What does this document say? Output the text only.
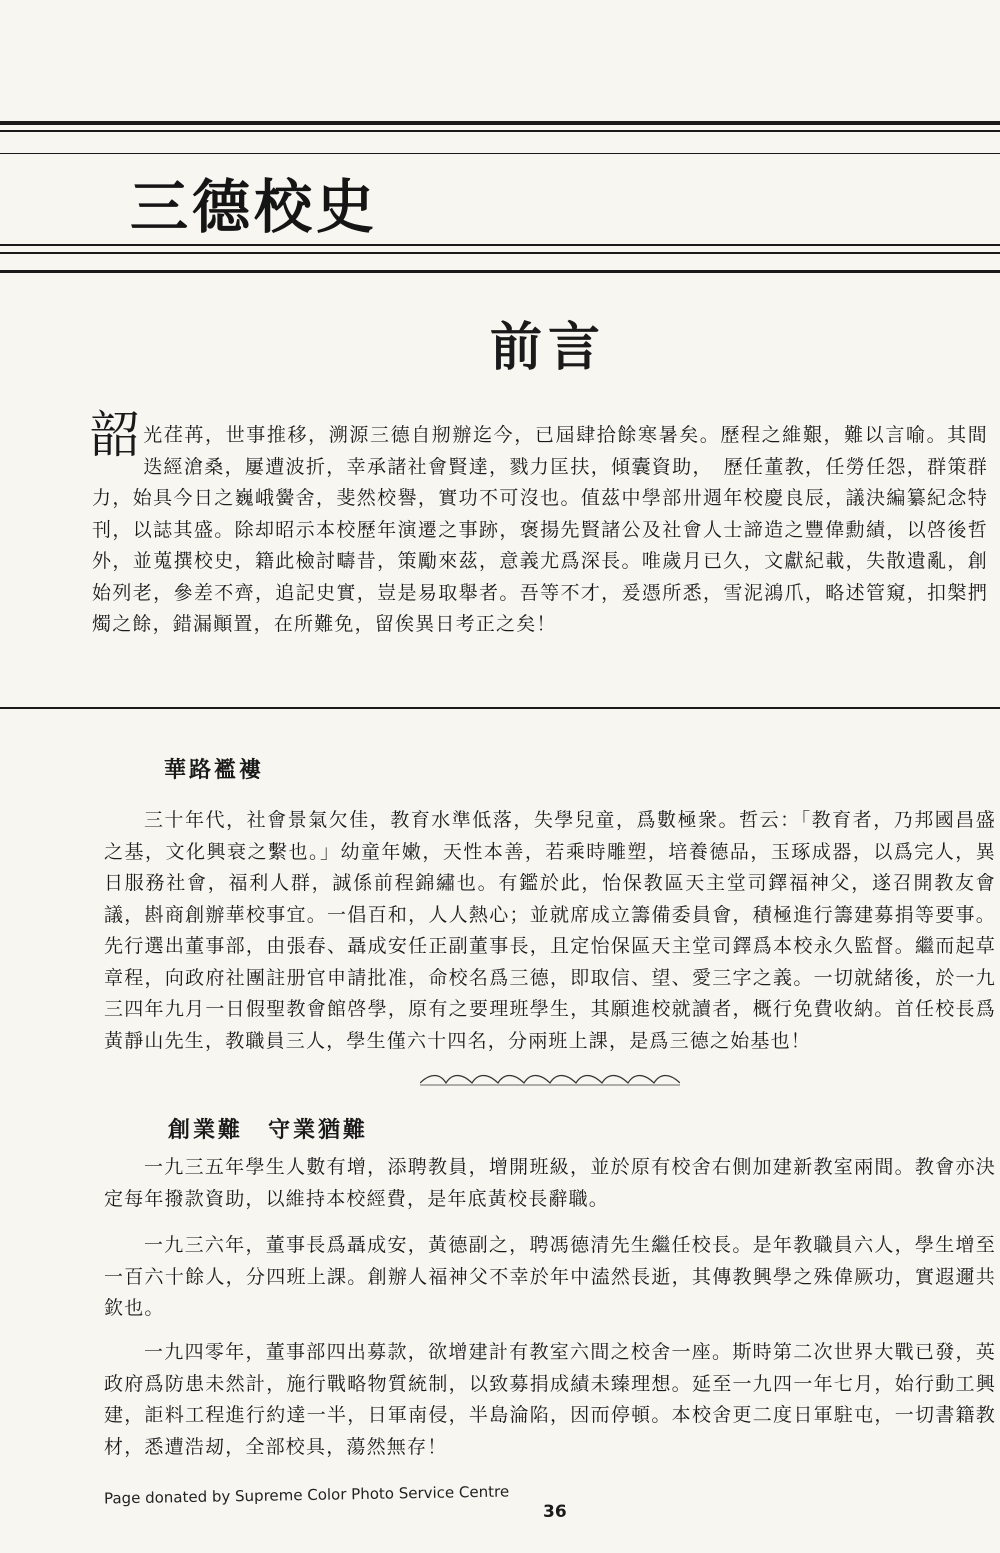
三德校史
前言
韶光荏苒，世事推移，溯源三德自剏辦迄今，已屆肆拾餘寒暑矣。歷程之維艱，難以言喻。其間迭經滄桑，屢遭波折，幸承諸社會賢達，戮力匡扶，傾囊資助，　歷任董教，任勞任怨，群策群力，始具今日之巍峨黌舍，斐然校譽，實功不可沒也。值茲中學部卅週年校慶良辰，議決編纂紀念特刊，以誌其盛。除却昭示本校歷年演遷之事跡，褒揚先賢諸公及社會人士諦造之豐偉勳績，以啓後哲外，並蒐撰校史，籍此檢討疇昔，策勵來茲，意義尤爲深長。唯歲月已久，文獻紀載，失散遺亂，創始列老，參差不齊，追記史實，豈是易取舉者。吾等不才，爰憑所悉，雪泥鴻爪，略述管窺，扣槃捫燭之餘，錯漏顚置，在所難免，留俟異日考正之矣！
華路襤褸

三十年代，社會景氣欠佳，教育水準低落，失學兒童，爲數極衆。哲云：「教育者，乃邦國昌盛之基，文化興衰之繫也。」幼童年嫩，天性本善，若乘時雕塑，培養德品，玉琢成器，以爲完人，異日服務社會，福利人群，誠係前程錦繡也。有鑑於此，怡保教區天主堂司鐸福神父，遂召開教友會議，斟商創辦華校事宜。一倡百和，人人熱心；並就席成立籌備委員會，積極進行籌建募捐等要事。先行選出董事部，由張春、聶成安任正副董事長，且定怡保區天主堂司鐸爲本校永久監督。繼而起草章程，向政府社團註册官申請批准，命校名爲三德，即取信、望、愛三字之義。一切就緒後，於一九三四年九月一日假聖教會館啓學，原有之要理班學生，其願進校就讀者，概行免費收納。首任校長爲黃靜山先生，教職員三人，學生僅六十四名，分兩班上課，是爲三德之始基也！

創業難　守業猶難

一九三五年學生人數有增，添聘教員，增開班級，並於原有校舍右側加建新教室兩間。教會亦決定每年撥款資助，以維持本校經費，是年底黃校長辭職。

一九三六年，董事長爲聶成安，黃德副之，聘馮德清先生繼任校長。是年教職員六人，學生增至一百六十餘人，分四班上課。創辦人福神父不幸於年中溘然長逝，其傳教興學之殊偉厥功，實遐邇共欽也。

一九四零年，董事部四出募款，欲增建計有教室六間之校舍一座。斯時第二次世界大戰已發，英政府爲防患未然計，施行戰略物質統制，以致募捐成績未臻理想。延至一九四一年七月，始行動工興建，詎料工程進行約達一半，日軍南侵，半島淪陷，因而停頓。本校舍更二度日軍駐屯，一切書籍教材，悉遭浩刼，全部校具，蕩然無存！

Page donated by Supreme Color Photo Service Centre
36
